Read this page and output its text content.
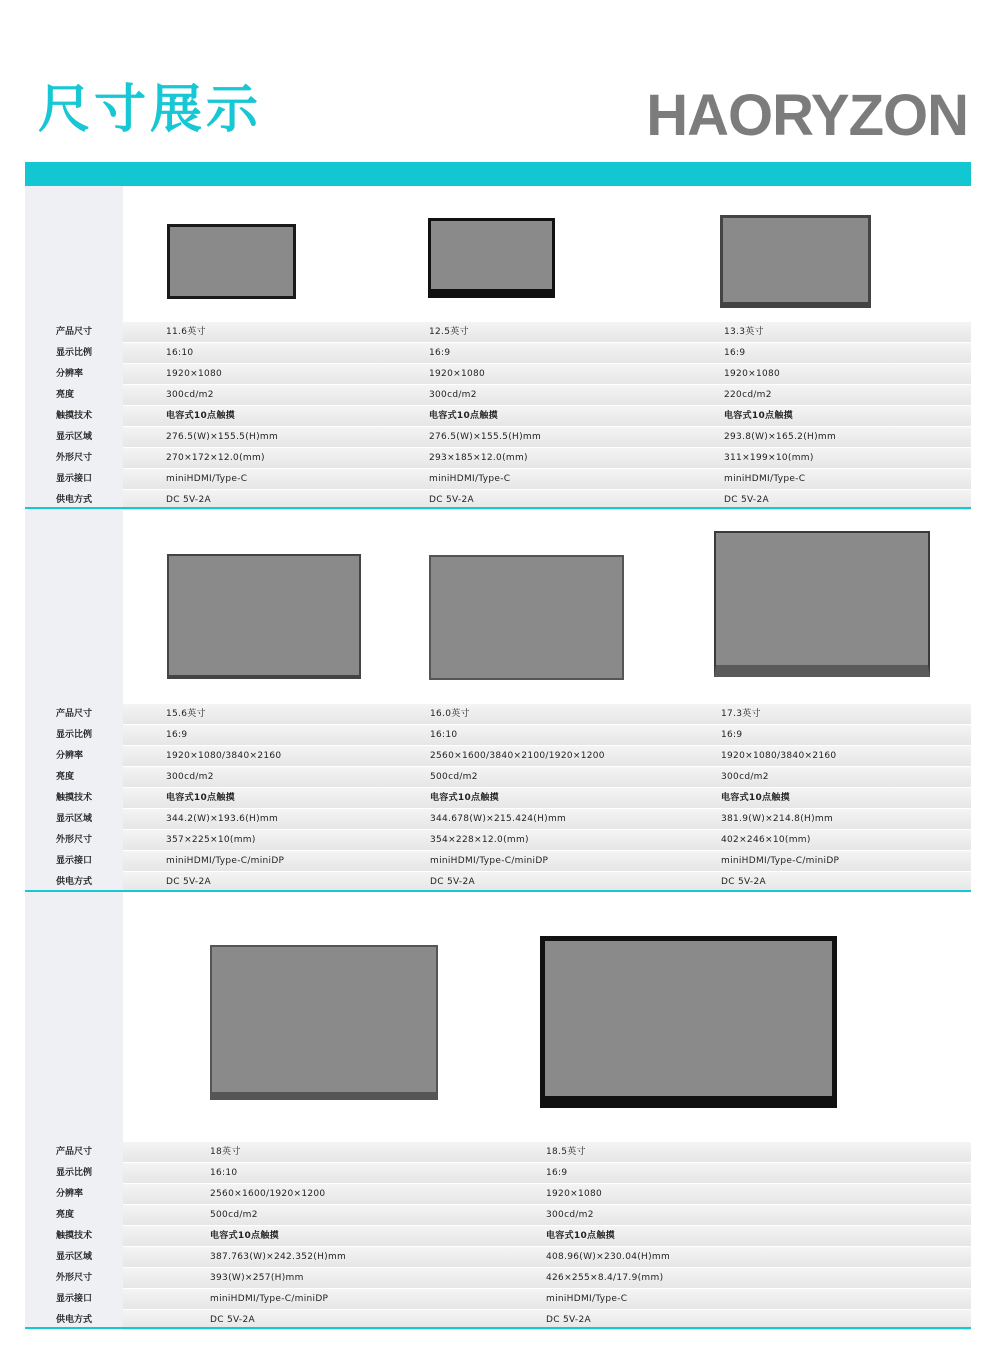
尺寸展示	HAORYZON
产品尺寸	11.6英寸	12.5英寸	13.3英寸
显示比例	16:10	16:9	16:9
分辨率	1920×1080	1920×1080	1920×1080
亮度	300cd/m2	300cd/m2	220cd/m2
触摸技术	电容式10点触摸	电容式10点触摸	电容式10点触摸
显示区域	276.5(W)×155.5(H)mm	276.5(W)×155.5(H)mm	293.8(W)×165.2(H)mm
外形尺寸	270×172×12.0(mm)	293×185×12.0(mm)	311×199×10(mm)
显示接口	miniHDMI/Type-C	miniHDMI/Type-C	miniHDMI/Type-C
供电方式	DC 5V-2A	DC 5V-2A	DC 5V-2A
产品尺寸	15.6英寸	16.0英寸	17.3英寸
显示比例	16:9	16:10	16:9
分辨率	1920×1080/3840×2160	2560×1600/3840×2100/1920×1200	1920×1080/3840×2160
亮度	300cd/m2	500cd/m2	300cd/m2
触摸技术	电容式10点触摸	电容式10点触摸	电容式10点触摸
显示区域	344.2(W)×193.6(H)mm	344.678(W)×215.424(H)mm	381.9(W)×214.8(H)mm
外形尺寸	357×225×10(mm)	354×228×12.0(mm)	402×246×10(mm)
显示接口	miniHDMI/Type-C/miniDP	miniHDMI/Type-C/miniDP	miniHDMI/Type-C/miniDP
供电方式	DC 5V-2A	DC 5V-2A	DC 5V-2A
产品尺寸	18英寸	18.5英寸
显示比例	16:10	16:9
分辨率	2560×1600/1920×1200	1920×1080
亮度	500cd/m2	300cd/m2
触摸技术	电容式10点触摸	电容式10点触摸
显示区域	387.763(W)×242.352(H)mm	408.96(W)×230.04(H)mm
外形尺寸	393(W)×257(H)mm	426×255×8.4/17.9(mm)
显示接口	miniHDMI/Type-C/miniDP	miniHDMI/Type-C
供电方式	DC 5V-2A	DC 5V-2A
